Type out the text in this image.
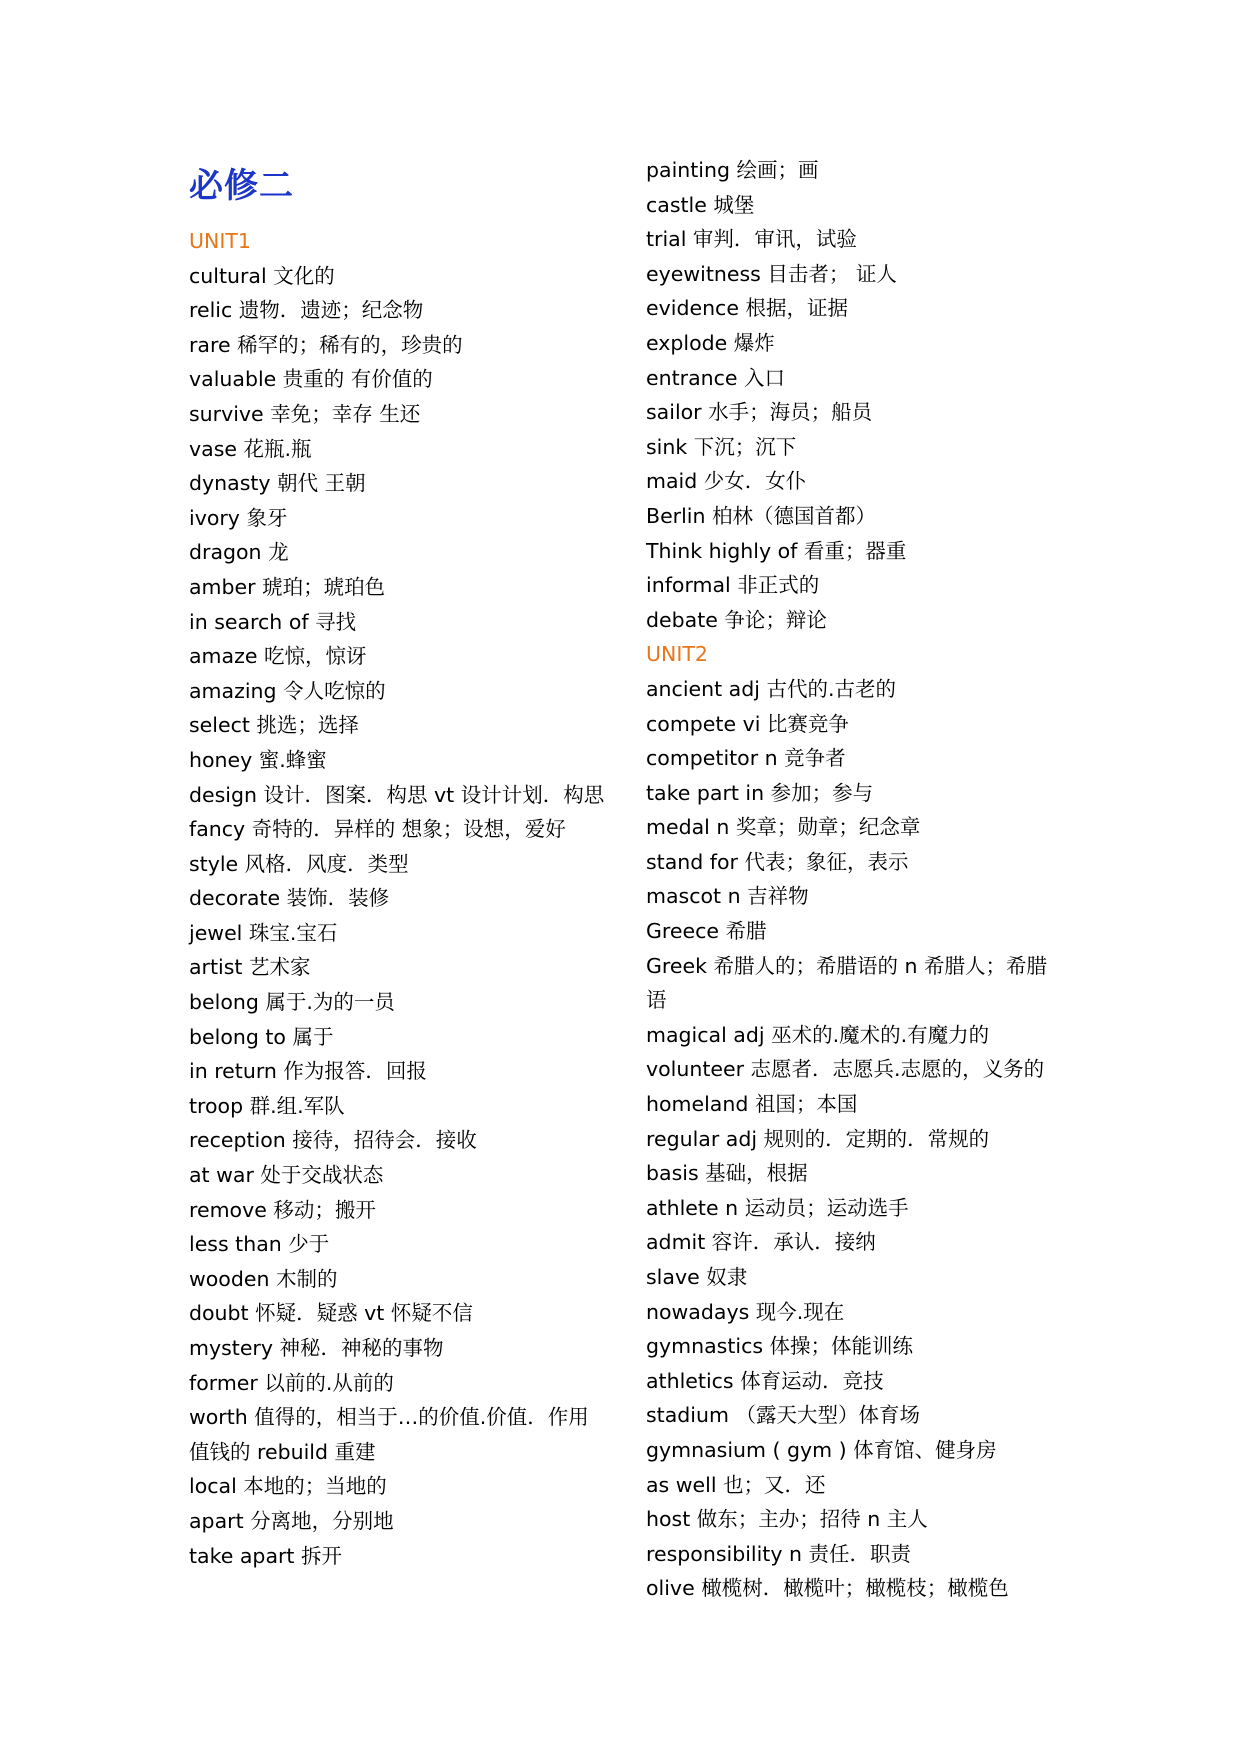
必修二
UNIT1
cultural 文化的
relic 遗物．遗迹；纪念物
rare 稀罕的；稀有的，珍贵的
valuable 贵重的 有价值的
survive 幸免；幸存 生还
vase 花瓶.瓶
dynasty 朝代 王朝
ivory 象牙
dragon 龙
amber 琥珀；琥珀色
in search of 寻找
amaze 吃惊，惊讶
amazing 令人吃惊的
select 挑选；选择
honey 蜜.蜂蜜
design 设计．图案．构思 vt 设计计划．构思
fancy 奇特的．异样的 想象；设想，爱好
style 风格．风度．类型
decorate 装饰．装修
jewel 珠宝.宝石
artist 艺术家
belong 属于.为的一员
belong to 属于
in return 作为报答．回报
troop 群.组.军队
reception 接待，招待会．接收
at war 处于交战状态
remove 移动；搬开
less than 少于
wooden 木制的
doubt 怀疑．疑惑 vt 怀疑不信
mystery 神秘．神秘的事物
former 以前的.从前的
worth 值得的，相当于…的价值.价值．作用值钱的 rebuild 重建
local 本地的；当地的
apart 分离地，分别地
take apart 拆开
painting 绘画；画
castle 城堡
trial 审判．审讯，试验
eyewitness 目击者； 证人
evidence 根据，证据
explode 爆炸
entrance 入口
sailor 水手；海员；船员
sink 下沉；沉下
maid 少女．女仆
Berlin 柏林（德国首都）
Think highly of 看重；器重
informal 非正式的
debate 争论；辩论
UNIT2
ancient adj 古代的.古老的
compete vi 比赛竞争
competitor n 竞争者
take part in 参加；参与
medal n 奖章；勋章；纪念章
stand for 代表；象征，表示
mascot n 吉祥物
Greece 希腊
Greek 希腊人的；希腊语的 n 希腊人；希腊语
magical adj 巫术的.魔术的.有魔力的
volunteer 志愿者．志愿兵.志愿的，义务的
homeland 祖国；本国
regular adj 规则的．定期的．常规的
basis 基础，根据
athlete n 运动员；运动选手
admit 容许．承认．接纳
slave 奴隶
nowadays 现今.现在
gymnastics 体操；体能训练
athletics 体育运动．竞技
stadium （露天大型）体育场
gymnasium ( gym ) 体育馆、健身房
as well 也；又．还
host 做东；主办；招待 n 主人
responsibility n 责任．职责
olive 橄榄树．橄榄叶；橄榄枝；橄榄色
